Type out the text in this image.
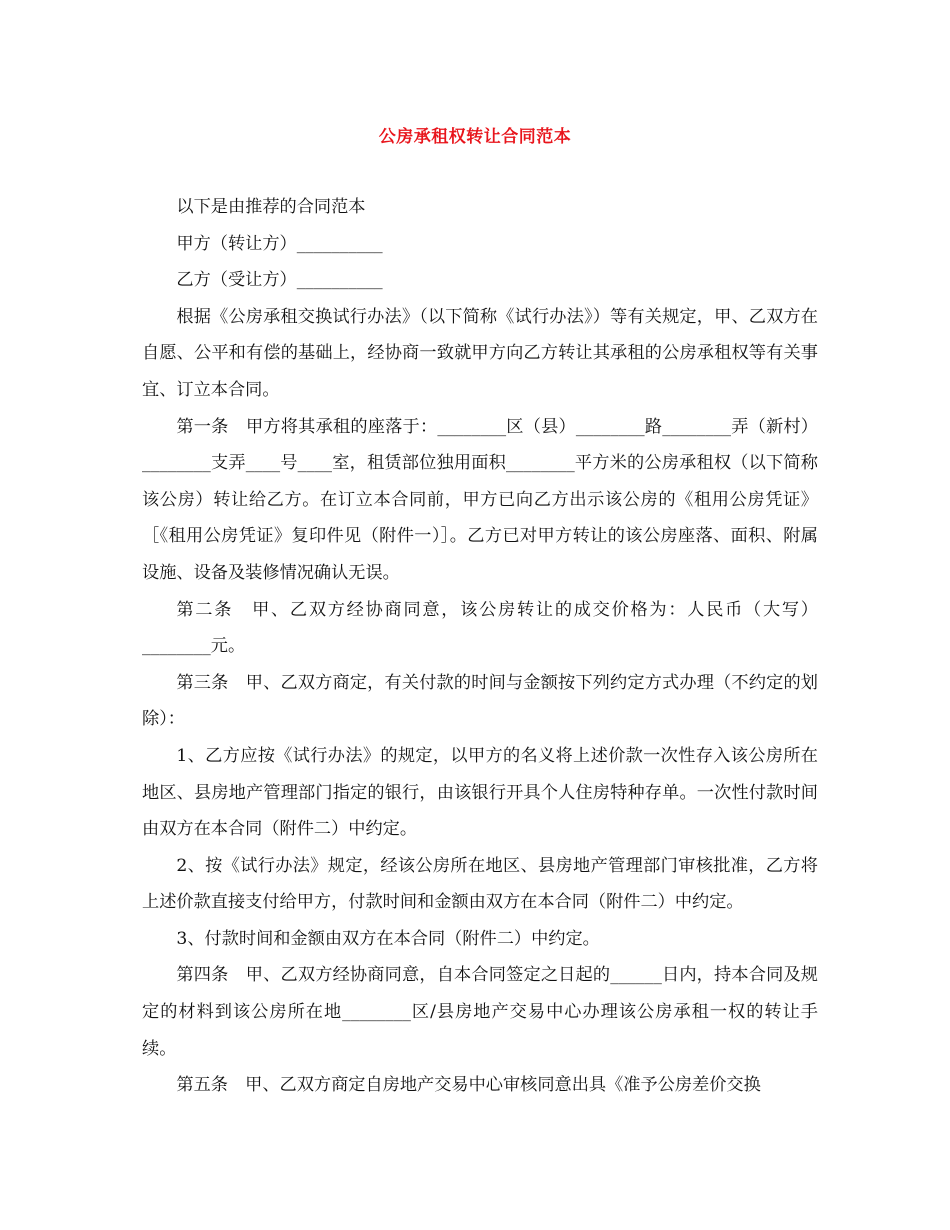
公房承租权转让合同范本

以下是由推荐的合同范本

甲方（转让方）__________

乙方（受让方）__________

根据《公房承租交换试行办法》（以下简称《试行办法》）等有关规定，甲、乙双方在自愿、公平和有偿的基础上，经协商一致就甲方向乙方转让其承租的公房承租权等有关事宜、订立本合同。

第一条　甲方将其承租的座落于：________区（县）________路________弄（新村）________支弄____号____室，租赁部位独用面积________平方米的公房承租权（以下简称该公房）转让给乙方。在订立本合同前，甲方已向乙方出示该公房的《租用公房凭证》［《租用公房凭证》复印件见（附件一）］。乙方已对甲方转让的该公房座落、面积、附属设施、设备及装修情况确认无误。

第二条　甲、乙双方经协商同意，该公房转让的成交价格为：人民币（大写）________元。

第三条　甲、乙双方商定，有关付款的时间与金额按下列约定方式办理（不约定的划除）：

1、乙方应按《试行办法》的规定，以甲方的名义将上述价款一次性存入该公房所在地区、县房地产管理部门指定的银行，由该银行开具个人住房特种存单。一次性付款时间由双方在本合同（附件二）中约定。

2、按《试行办法》规定，经该公房所在地区、县房地产管理部门审核批准，乙方将上述价款直接支付给甲方，付款时间和金额由双方在本合同（附件二）中约定。

3、付款时间和金额由双方在本合同（附件二）中约定。

第四条　甲、乙双方经协商同意，自本合同签定之日起的______日内，持本合同及规定的材料到该公房所在地________区/县房地产交易中心办理该公房承租一权的转让手续。

第五条　甲、乙双方商定自房地产交易中心审核同意出具《准予公房差价交换
